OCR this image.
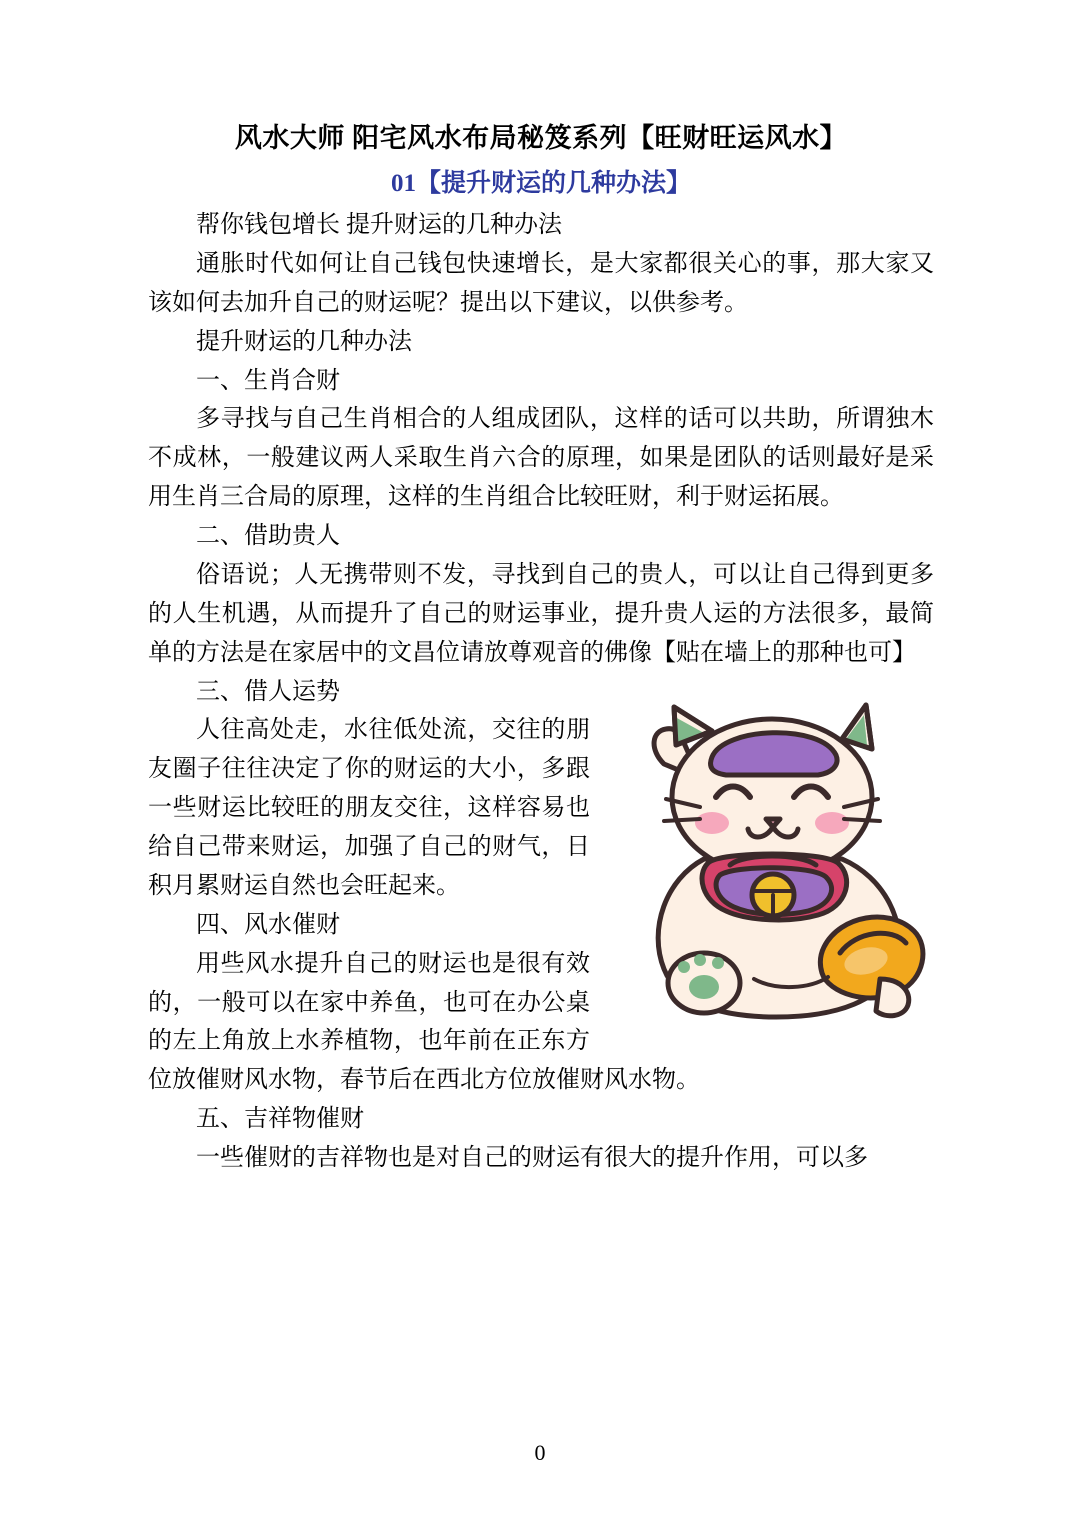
风水大师 阳宅风水布局秘笈系列【旺财旺运风水】
01【提升财运的几种办法】

帮你钱包增长 提升财运的几种办法

通胀时代如何让自己钱包快速增长，是大家都很关心的事，那大家又该如何去加升自己的财运呢？提出以下建议，以供参考。

提升财运的几种办法

一、生肖合财

多寻找与自己生肖相合的人组成团队，这样的话可以共助，所谓独木不成林，一般建议两人采取生肖六合的原理，如果是团队的话则最好是采用生肖三合局的原理，这样的生肖组合比较旺财，利于财运拓展。

二、借助贵人

俗语说；人无携带则不发，寻找到自己的贵人，可以让自己得到更多的人生机遇，从而提升了自己的财运事业，提升贵人运的方法很多，最简单的方法是在家居中的文昌位请放尊观音的佛像【贴在墙上的那种也可】

三、借人运势

人往高处走，水往低处流，交往的朋友圈子往往决定了你的财运的大小，多跟一些财运比较旺的朋友交往，这样容易也给自己带来财运，加强了自己的财气，日积月累财运自然也会旺起来。

四、风水催财

用些风水提升自己的财运也是很有效的，一般可以在家中养鱼，也可在办公桌的左上角放上水养植物，也年前在正东方位放催财风水物，春节后在西北方位放催财风水物。

五、吉祥物催财

一些催财的吉祥物也是对自己的财运有很大的提升作用，可以多

0
